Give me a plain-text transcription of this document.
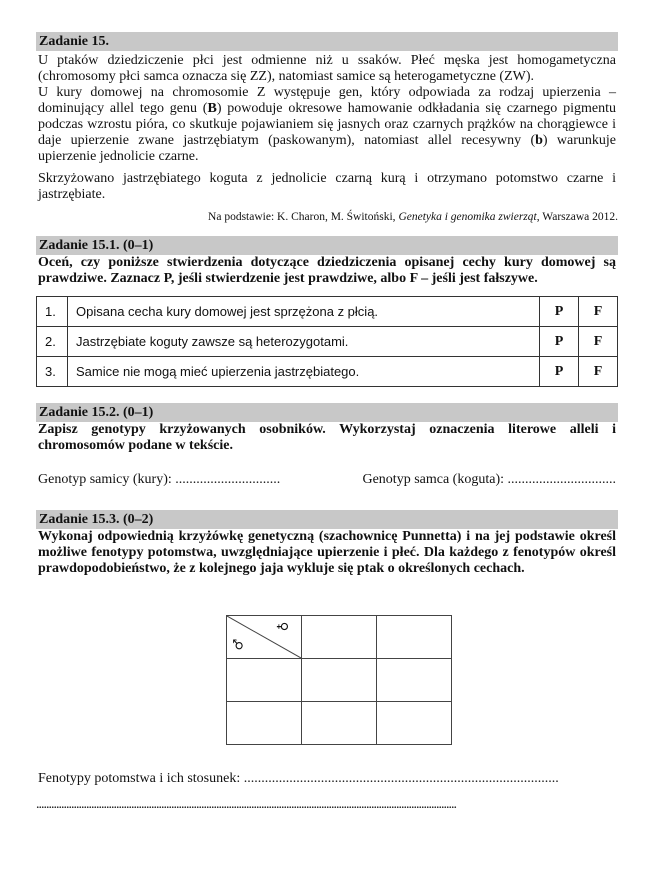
Zadanie 15.

U ptaków dziedziczenie płci jest odmienne niż u ssaków. Płeć męska jest homogametyczna (chromosomy płci samca oznacza się ZZ), natomiast samice są heterogametyczne (ZW).

U kury domowej na chromosomie Z występuje gen, który odpowiada za rodzaj upierzenia – dominujący allel tego genu (B) powoduje okresowe hamowanie odkładania się czarnego pigmentu podczas wzrostu pióra, co skutkuje pojawianiem się jasnych oraz czarnych prążków na chorągiewce i daje upierzenie zwane jastrzębiatym (paskowanym), natomiast allel recesywny (b) warunkuje upierzenie jednolicie czarne.

Skrzyżowano jastrzębiatego koguta z jednolicie czarną kurą i otrzymano potomstwo czarne i jastrzębiate.

Na podstawie: K. Charon, M. Świtoński, Genetyka i genomika zwierząt, Warszawa 2012.
Zadanie 15.1. (0–1)

Oceń, czy poniższe stwierdzenia dotyczące dziedziczenia opisanej cechy kury domowej są prawdziwe. Zaznacz P, jeśli stwierdzenie jest prawdziwe, albo F – jeśli jest fałszywe.

1.	Opisana cecha kury domowej jest sprzężona z płcią.	P	F
2.	Jastrzębiate koguty zawsze są heterozygotami.	P	F
3.	Samice nie mogą mieć upierzenia jastrzębiatego.	P	F
Zadanie 15.2. (0–1)

Zapisz genotypy krzyżowanych osobników. Wykorzystaj oznaczenia literowe alleli i chromosomów podane w tekście.

Genotyp samicy (kury): ..............................	Genotyp samca (koguta): ...............................
Zadanie 15.3. (0–2)

Wykonaj odpowiednią krzyżówkę genetyczną (szachownicę Punnetta) i na jej podstawie określ możliwe fenotypy potomstwa, uwzględniające upierzenie i płeć. Dla każdego z fenotypów określ prawdopodobieństwo, że z kolejnego jaja wykluje się ptak o określonych cechach.

♀
♂		

Fenotypy potomstwa i ich stosunek: ..........................................................................................
........................................................................................................................................................................
